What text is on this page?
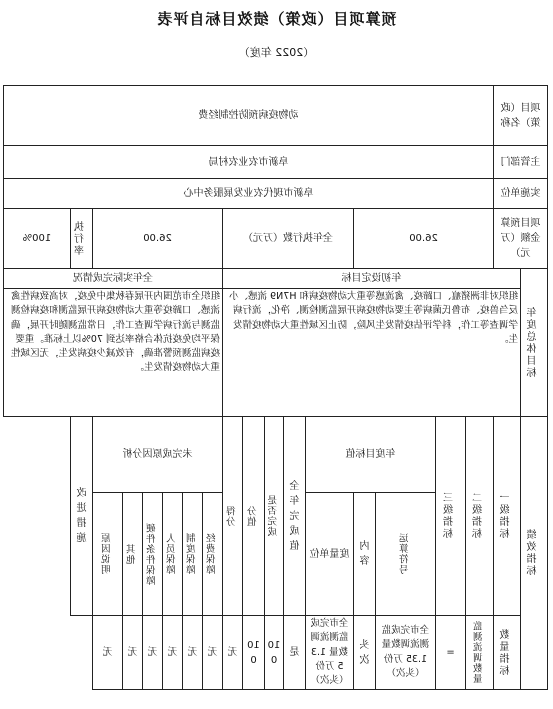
预算项目（政策）绩效目标自评表
（2022 年度）
项目（政策）名称		动物疫病预防控制经费																
主管部门		阜新市农业农村局																
实施单位		阜新市现代农业发展服务中心																
项目预算金额（万元）		26.00				全年执行数（万元）					26.00						执行率	100%
年度总体目标	年初设定目标										全年实际完成情况							
	组织对非洲猪瘟、口蹄疫、禽流感等重大动物疫病和 H7N9 流感、小反刍兽疫、布鲁氏菌病等主要动物疫病开展监测检测、净化，流行病学调查等工作，科学评估疫情发生风险，防止区域性重大动物疫情发生。										组织全市范围内开展春秋集中免疫，对高致病性禽流感、口蹄疫等重大动物疫病开展监测和疫病检测监测与流行病学调查工作，日常监测随时开展，确保平均免疫抗体合格率达到 70%以上标准。重要疫病监测预警准确，有效减少疫病发生，无区域性重大动物疫情发生。							
绩效指标	一级指标	二级指标	三级指标	年度目标值			全年完成值	是否完成	分值	得分	未完成原因分析						改进措施	
				运算符号	内容	度量单位					经费保障	制度保障	人员保障	硬件条件保障	其他	原因说明		
	数量指标	监测流调数量	=	全市完成监测流调数量 1.35 万份（头次）	头次	全市完成监测流调数量 1.35 万份（头次）	是	100	100	无	无	无	无	无	无	无		
